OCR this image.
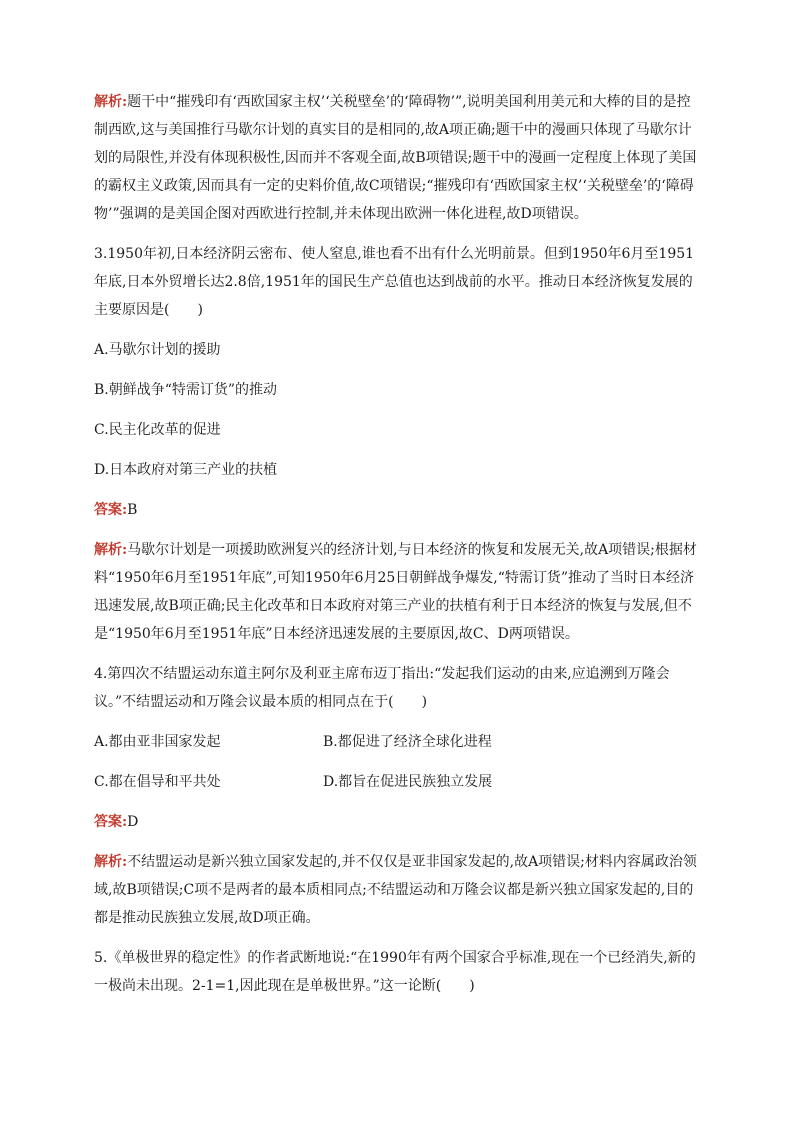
解析:题干中“摧残印有‘西欧国家主权’‘关税壁垒’的‘障碍物’”,说明美国利用美元和大棒的目的是控制西欧,这与美国推行马歇尔计划的真实目的是相同的,故A项正确;题干中的漫画只体现了马歇尔计划的局限性,并没有体现积极性,因而并不客观全面,故B项错误;题干中的漫画一定程度上体现了美国的霸权主义政策,因而具有一定的史料价值,故C项错误;“摧残印有‘西欧国家主权’‘关税壁垒’的‘障碍物’”强调的是美国企图对西欧进行控制,并未体现出欧洲一体化进程,故D项错误。

3.1950年初,日本经济阴云密布、使人窒息,谁也看不出有什么光明前景。但到1950年6月至1951年底,日本外贸增长达2.8倍,1951年的国民生产总值也达到战前的水平。推动日本经济恢复发展的主要原因是(　　)

A.马歇尔计划的援助

B.朝鲜战争“特需订货”的推动

C.民主化改革的促进

D.日本政府对第三产业的扶植

答案:B

解析:马歇尔计划是一项援助欧洲复兴的经济计划,与日本经济的恢复和发展无关,故A项错误;根据材料“1950年6月至1951年底”,可知1950年6月25日朝鲜战争爆发,“特需订货”推动了当时日本经济迅速发展,故B项正确;民主化改革和日本政府对第三产业的扶植有利于日本经济的恢复与发展,但不是“1950年6月至1951年底”日本经济迅速发展的主要原因,故C、D两项错误。

4.第四次不结盟运动东道主阿尔及利亚主席布迈丁指出:“发起我们运动的由来,应追溯到万隆会议。”不结盟运动和万隆会议最本质的相同点在于(　　)

A.都由亚非国家发起	B.都促进了经济全球化进程
C.都在倡导和平共处	D.都旨在促进民族独立发展

答案:D

解析:不结盟运动是新兴独立国家发起的,并不仅仅是亚非国家发起的,故A项错误;材料内容属政治领域,故B项错误;C项不是两者的最本质相同点;不结盟运动和万隆会议都是新兴独立国家发起的,目的都是推动民族独立发展,故D项正确。

5.《单极世界的稳定性》的作者武断地说:“在1990年有两个国家合乎标准,现在一个已经消失,新的一极尚未出现。2-1=1,因此现在是单极世界。”这一论断(　　)
